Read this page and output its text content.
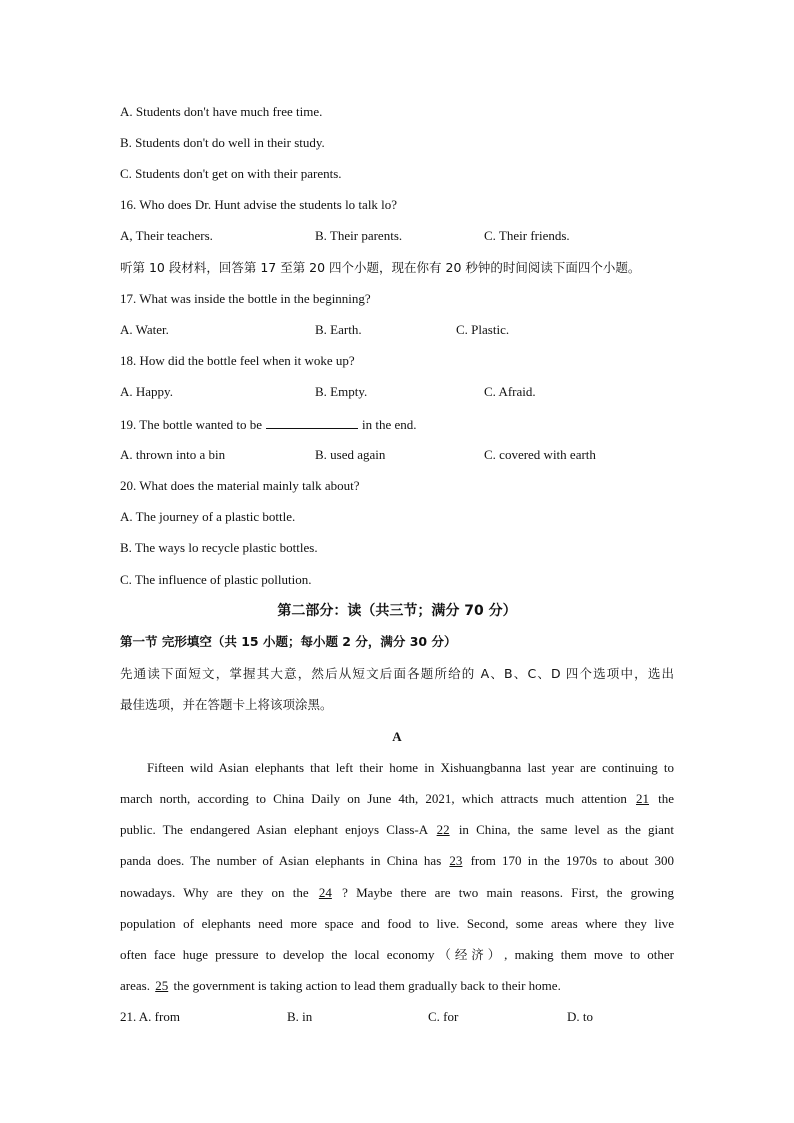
A. Students don't have much free time.
B. Students don't do well in their study.
C. Students don't get on with their parents.
16. Who does Dr. Hunt advise the students lo talk lo?
A, Their teachers.	B. Their parents.	C. Their friends.
听第 10 段材料，回答第 17 至第 20 四个小题，现在你有 20 秒钟的时间阅读下面四个小题。
17. What was inside the bottle in the beginning?
A. Water.	B. Earth.	C. Plastic.
18. How did the bottle feel when it woke up?
A. Happy.	B. Empty.	C. Afraid.
19. The bottle wanted to be	in the end.
A. thrown into a bin	B. used again	C. covered with earth
20. What does the material mainly talk about?
A. The journey of a plastic bottle.
B. The ways lo recycle plastic bottles.
C. The influence of plastic pollution.
第二部分：读（共三节；满分 70 分）
第一节 完形填空（共 15 小题；每小题 2 分，满分 30 分）
先通读下面短文，掌握其大意，然后从短文后面各题所给的 A、B、C、D 四个选项中，选出
最佳选项，并在答题卡上将该项涂黑。
A
Fifteen wild Asian elephants that left their home in Xishuangbanna last year are continuing to
march north, according to China Daily on June 4th, 2021, which attracts much attention 21 the
public. The endangered Asian elephant enjoys Class-A 22 in China, the same level as the giant
panda does. The number of Asian elephants in China has 23 from 170 in the 1970s to about 300
nowadays. Why are they on the 24 ? Maybe there are two main reasons. First, the growing
population of elephants need more space and food to live. Second, some areas where they live
often face huge pressure to develop the local economy（经济）, making them move to other
areas. 25 the government is taking action to lead them gradually back to their home.
21. A. from	B. in	C. for	D. to
